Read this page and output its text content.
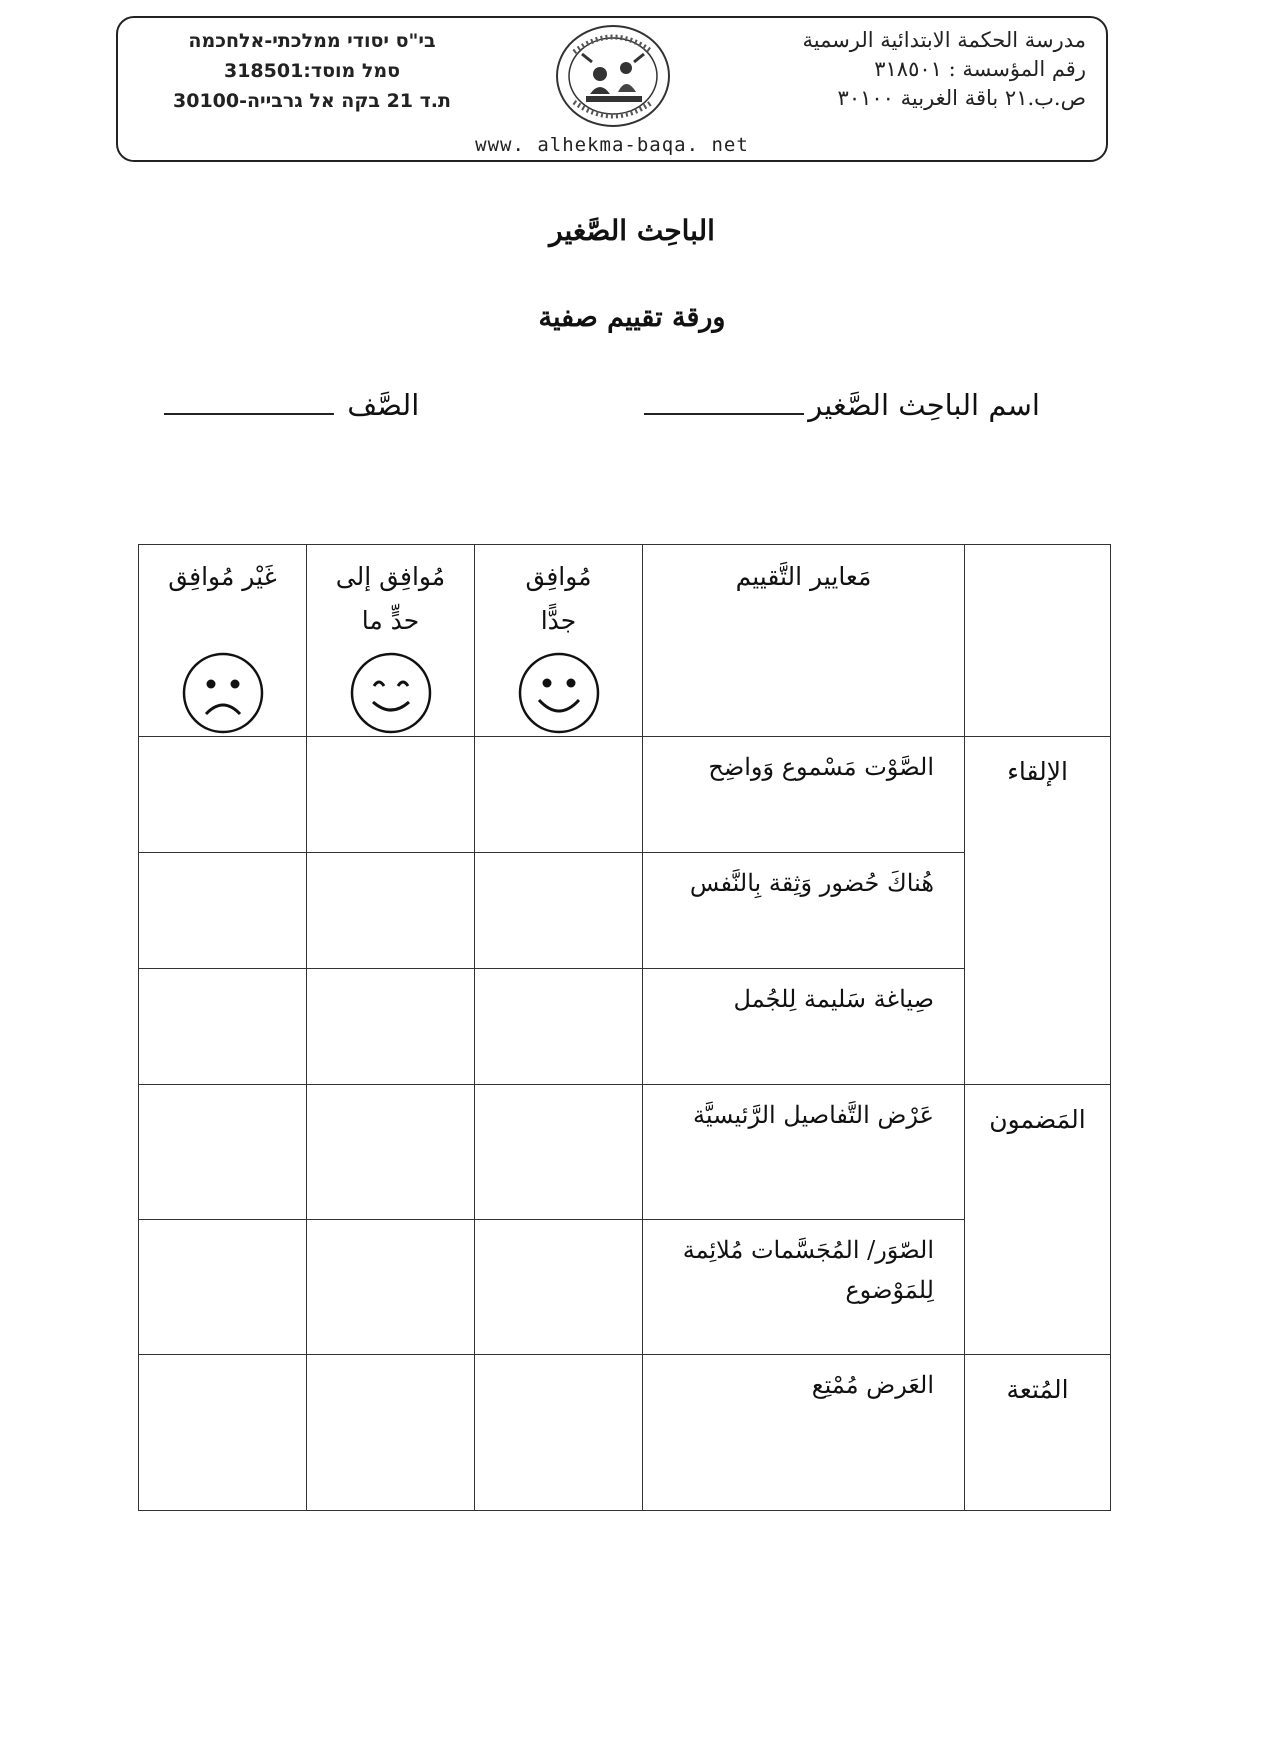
مدرسة الحكمة الابتدائية الرسمية
رقم المؤسسة : ٣١٨٥٠١
ص.ب.٢١ باقة الغربية ٣٠١٠٠
בי"ס יסודי ממלכתי-אלחכמה
סמל מוסד:318501
ת.ד 21 בקה אל גרבייה-30100
www. alhekma-baqa. net
الباحِث الصَّغير
ورقة تقييم صفية
اسم الباحِث الصَّغير
الصَّف

	مَعايير التَّقييم	مُوافِق جدًّا	مُوافِق إلى حدٍّ ما	غَيْر مُوافِق

الإلقاء	الصَّوْت مَسْموع وَواضِح			
	هُناكَ حُضور وَثِقة بِالنَّفس			
	صِياغة سَليمة لِلجُمل			
المَضمون	عَرْض التَّفاصيل الرَّئيسيَّة			
	الصّوَر/ المُجَسَّمات مُلائِمة لِلمَوْضوع			
المُتعة	العَرض مُمْتِع			
